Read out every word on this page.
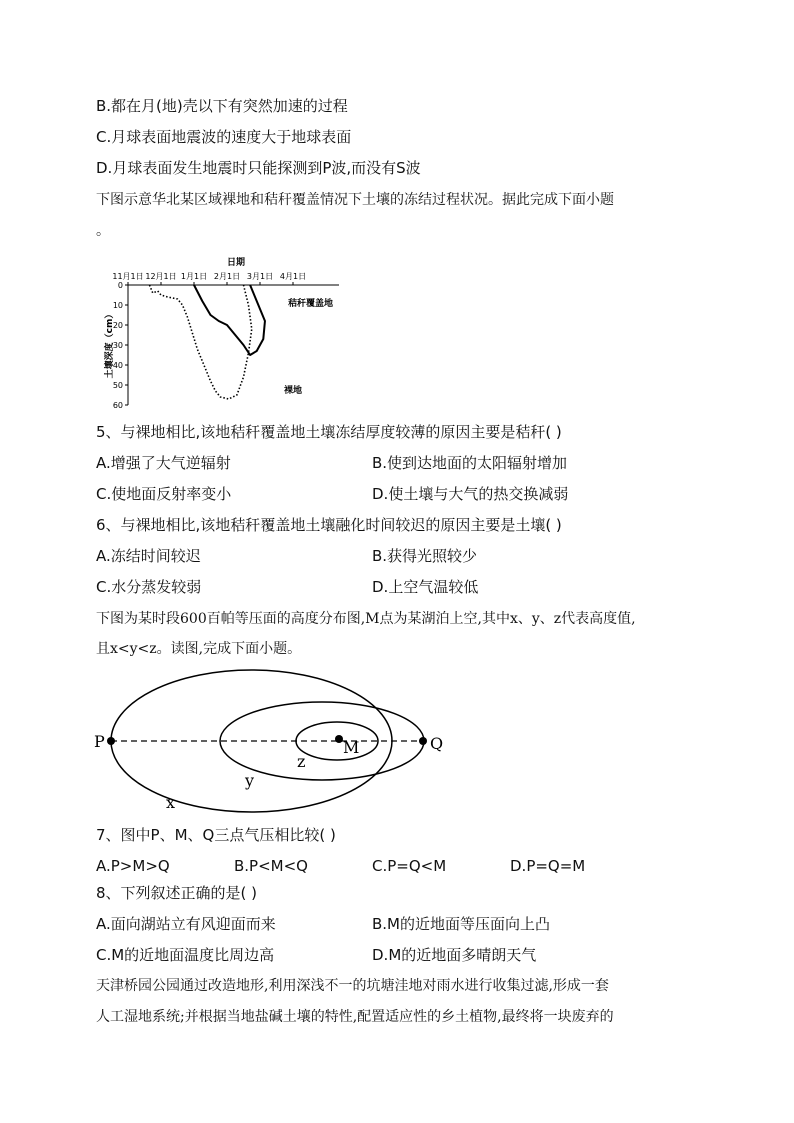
B.都在月(地)壳以下有突然加速的过程
C.月球表面地震波的速度大于地球表面
D.月球表面发生地震时只能探测到P波,而没有S波
下图示意华北某区域裸地和秸秆覆盖情况下土壤的冻结过程状况。据此完成下面小题
。
日期
11月1日 12月1日 1月1日 2月1日 3月1日 4月1日
0
10
20
30
40
50
60
土壤深度（cm）
秸秆覆盖地
裸地
5、与裸地相比,该地秸秆覆盖地土壤冻结厚度较薄的原因主要是秸秆( )
A.增强了大气逆辐射	B.使到达地面的太阳辐射增加
C.使地面反射率变小	D.使土壤与大气的热交换减弱
6、与裸地相比,该地秸秆覆盖地土壤融化时间较迟的原因主要是土壤( )
A.冻结时间较迟	B.获得光照较少
C.水分蒸发较弱	D.上空气温较低
下图为某时段600百帕等压面的高度分布图,M点为某湖泊上空,其中x、y、z代表高度值,
且x<y<z。读图,完成下面小题。
P	Q
M
z
y
x
7、图中P、M、Q三点气压相比较( )
A.P>M>Q	B.P<M<Q	C.P=Q<M	D.P=Q=M
8、下列叙述正确的是( )
A.面向湖站立有风迎面而来	B.M的近地面等压面向上凸
C.M的近地面温度比周边高	D.M的近地面多晴朗天气
天津桥园公园通过改造地形,利用深浅不一的坑塘洼地对雨水进行收集过滤,形成一套
人工湿地系统;并根据当地盐碱土壤的特性,配置适应性的乡土植物,最终将一块废弃的
